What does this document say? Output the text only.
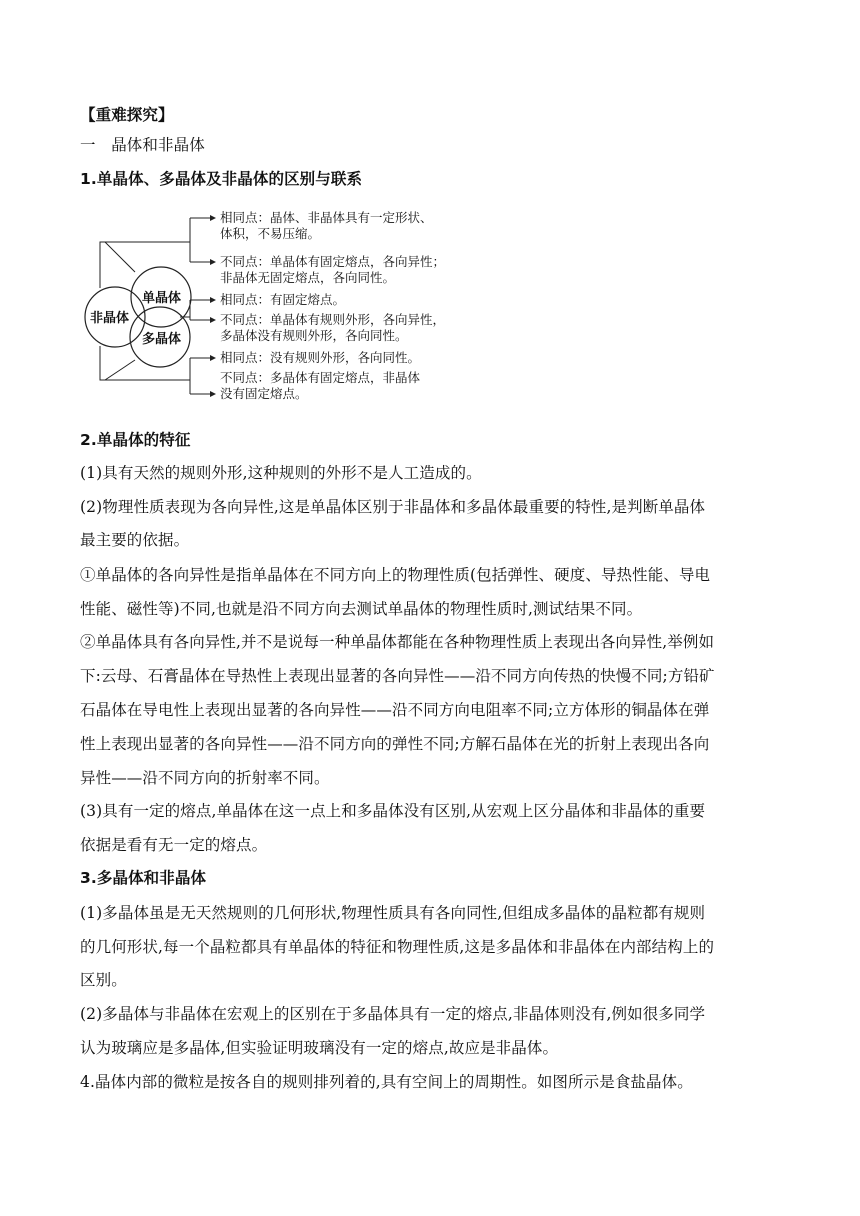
【重难探究】
一　晶体和非晶体
1.单晶体、多晶体及非晶体的区别与联系
非晶体
单晶体
多晶体
相同点：晶体、非晶体具有一定形状、
体积，不易压缩。
不同点：单晶体有固定熔点，各向异性；
非晶体无固定熔点，各向同性。
相同点：有固定熔点。
不同点：单晶体有规则外形，各向异性，
多晶体没有规则外形，各向同性。
相同点：没有规则外形，各向同性。
不同点：多晶体有固定熔点，非晶体
没有固定熔点。
2.单晶体的特征
(1)具有天然的规则外形,这种规则的外形不是人工造成的。
(2)物理性质表现为各向异性,这是单晶体区别于非晶体和多晶体最重要的特性,是判断单晶体
最主要的依据。
①单晶体的各向异性是指单晶体在不同方向上的物理性质(包括弹性、硬度、导热性能、导电
性能、磁性等)不同,也就是沿不同方向去测试单晶体的物理性质时,测试结果不同。
②单晶体具有各向异性,并不是说每一种单晶体都能在各种物理性质上表现出各向异性,举例如
下:云母、石膏晶体在导热性上表现出显著的各向异性——沿不同方向传热的快慢不同;方铅矿
石晶体在导电性上表现出显著的各向异性——沿不同方向电阻率不同;立方体形的铜晶体在弹
性上表现出显著的各向异性——沿不同方向的弹性不同;方解石晶体在光的折射上表现出各向
异性——沿不同方向的折射率不同。
(3)具有一定的熔点,单晶体在这一点上和多晶体没有区别,从宏观上区分晶体和非晶体的重要
依据是看有无一定的熔点。
3.多晶体和非晶体
(1)多晶体虽是无天然规则的几何形状,物理性质具有各向同性,但组成多晶体的晶粒都有规则
的几何形状,每一个晶粒都具有单晶体的特征和物理性质,这是多晶体和非晶体在内部结构上的
区别。
(2)多晶体与非晶体在宏观上的区别在于多晶体具有一定的熔点,非晶体则没有,例如很多同学
认为玻璃应是多晶体,但实验证明玻璃没有一定的熔点,故应是非晶体。
4.晶体内部的微粒是按各自的规则排列着的,具有空间上的周期性。如图所示是食盐晶体。
